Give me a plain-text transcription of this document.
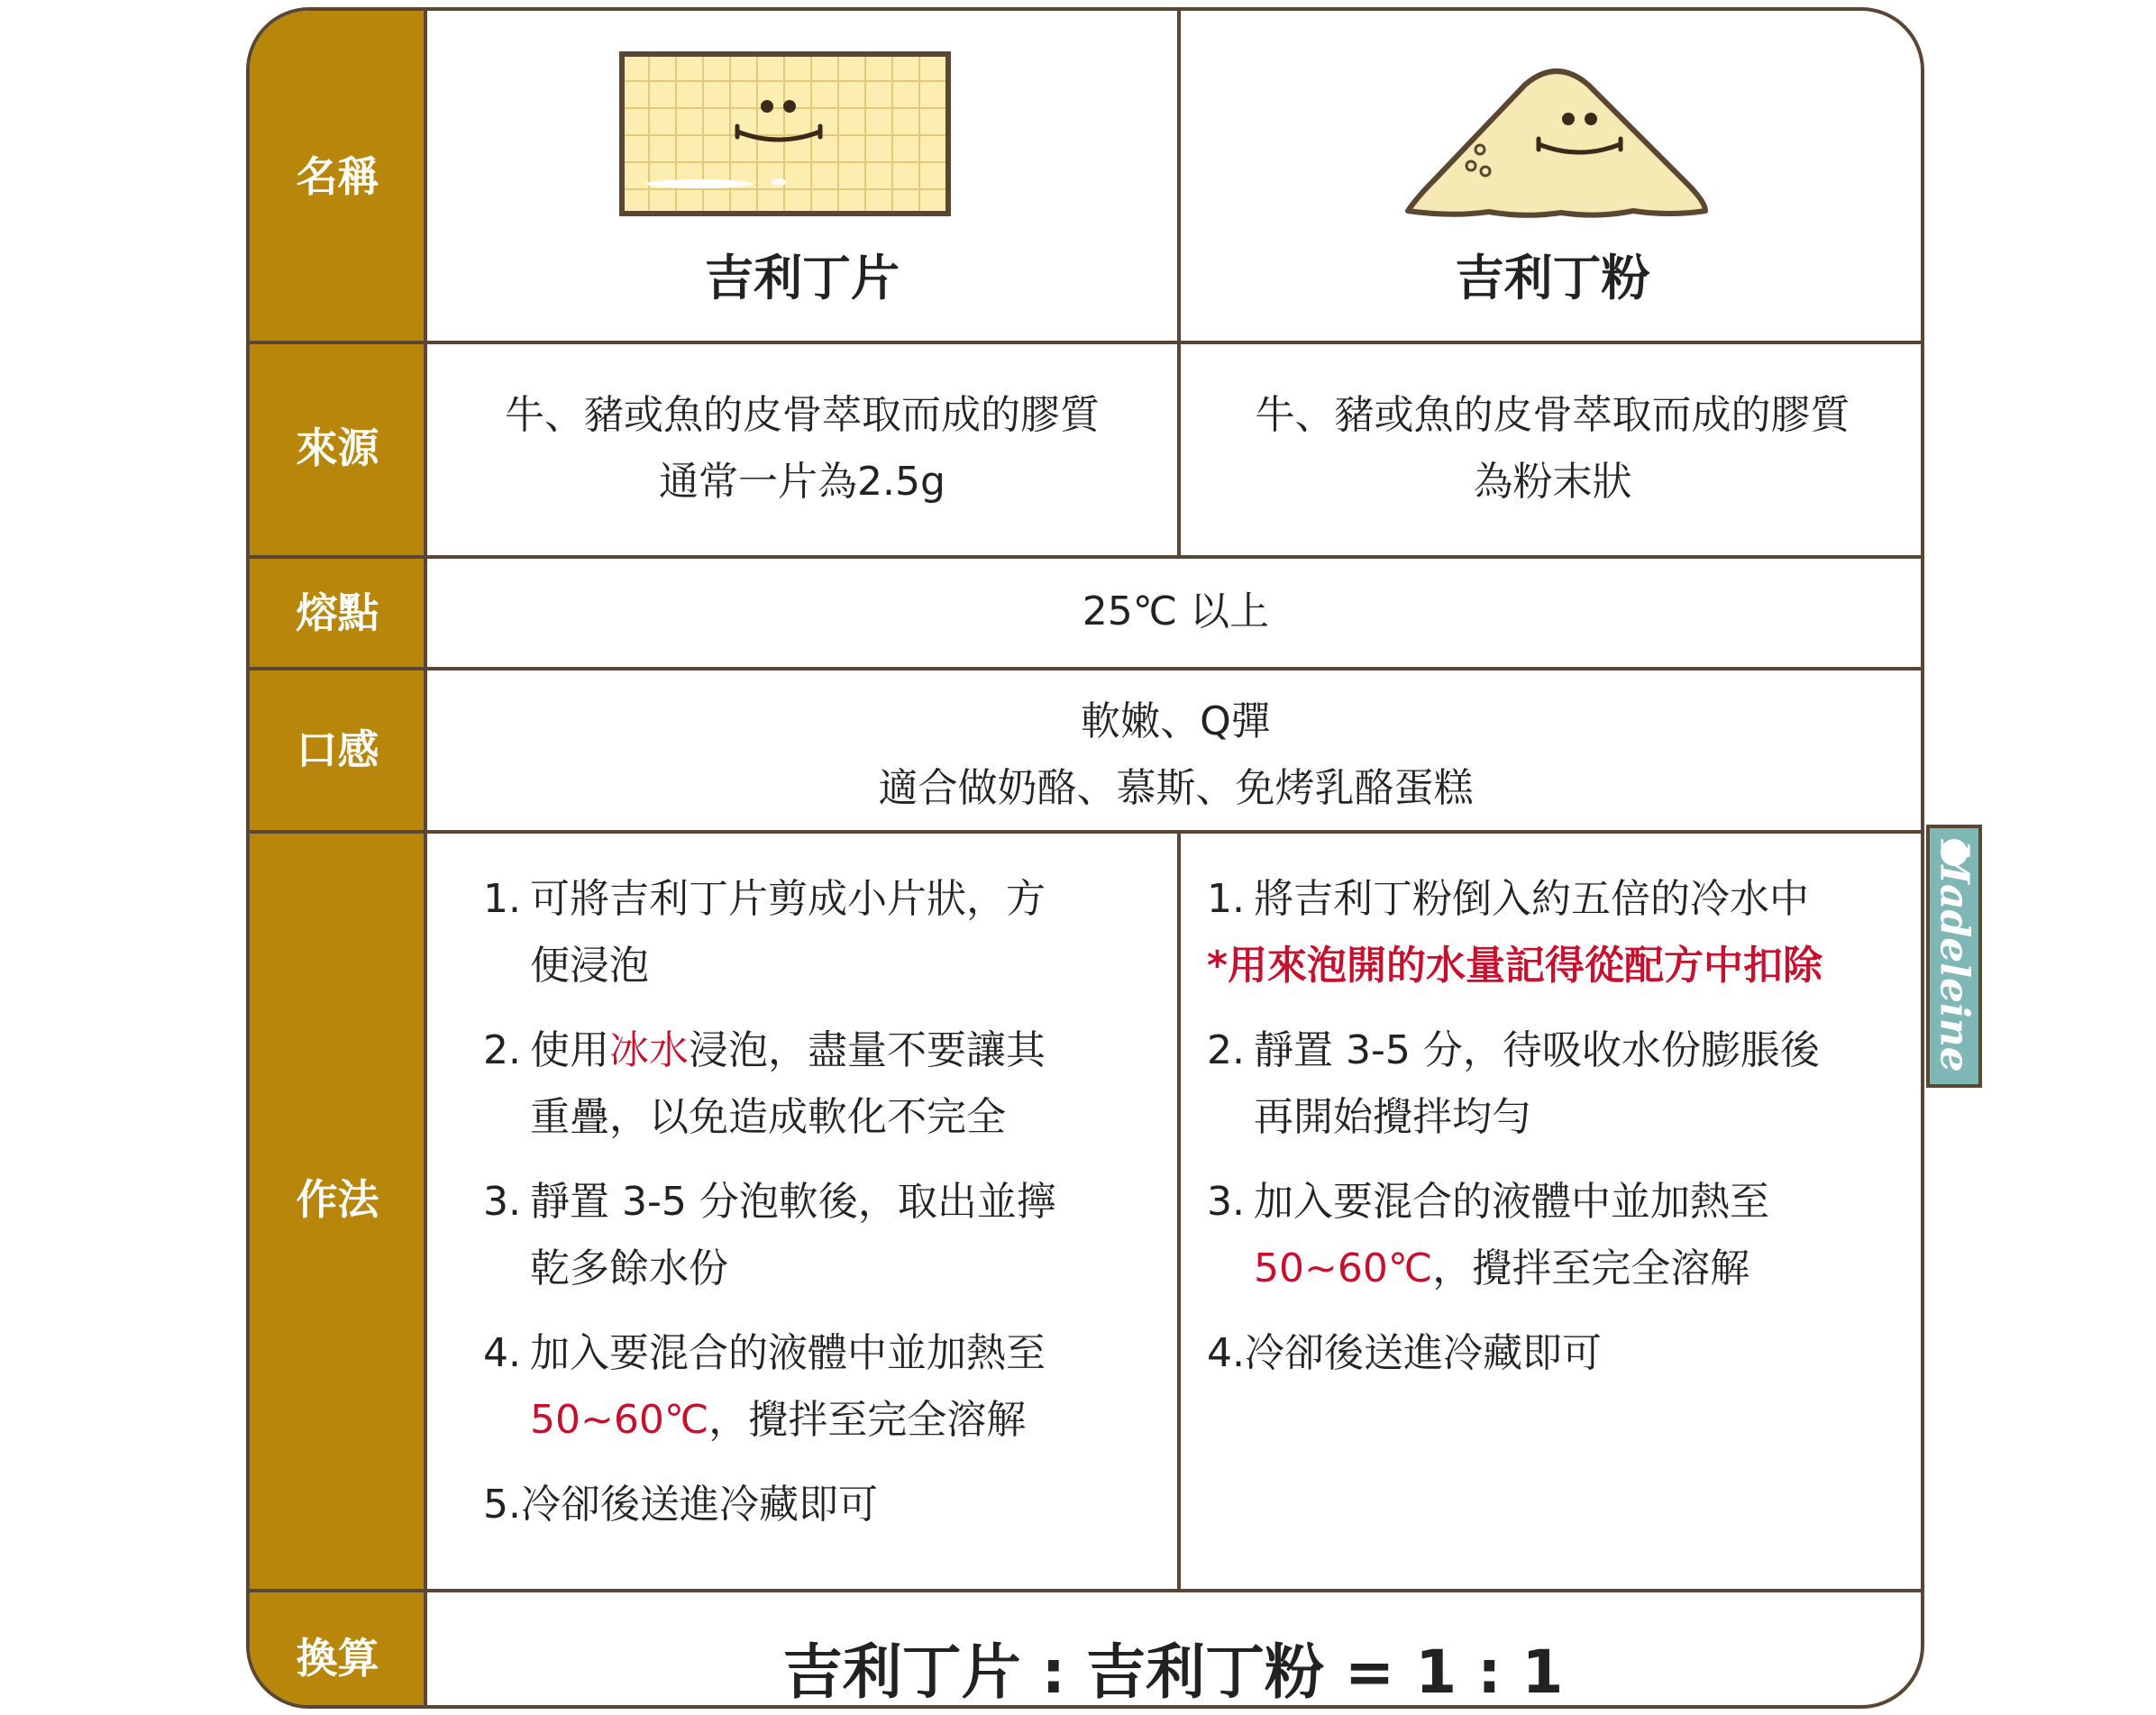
名稱
來源
熔點
口感
作法
換算
吉利丁片	吉利丁粉
牛、豬或魚的皮骨萃取而成的膠質
通常一片為2.5g
牛、豬或魚的皮骨萃取而成的膠質
為粉末狀
25℃ 以上
軟嫩、Q彈
適合做奶酪、慕斯、免烤乳酪蛋糕
1. 可將吉利丁片剪成小片狀，方
便浸泡
2. 使用冰水浸泡，盡量不要讓其
重疊，以免造成軟化不完全
3. 靜置 3-5 分泡軟後，取出並擰
乾多餘水份
4. 加入要混合的液體中並加熱至
50~60℃，攪拌至完全溶解
5.冷卻後送進冷藏即可
1. 將吉利丁粉倒入約五倍的冷水中
*用來泡開的水量記得從配方中扣除
2. 靜置 3-5 分，待吸收水份膨脹後
再開始攪拌均勻
3. 加入要混合的液體中並加熱至
50~60℃，攪拌至完全溶解
4.冷卻後送進冷藏即可
吉利丁片 : 吉利丁粉 = 1 : 1
Madeleine
